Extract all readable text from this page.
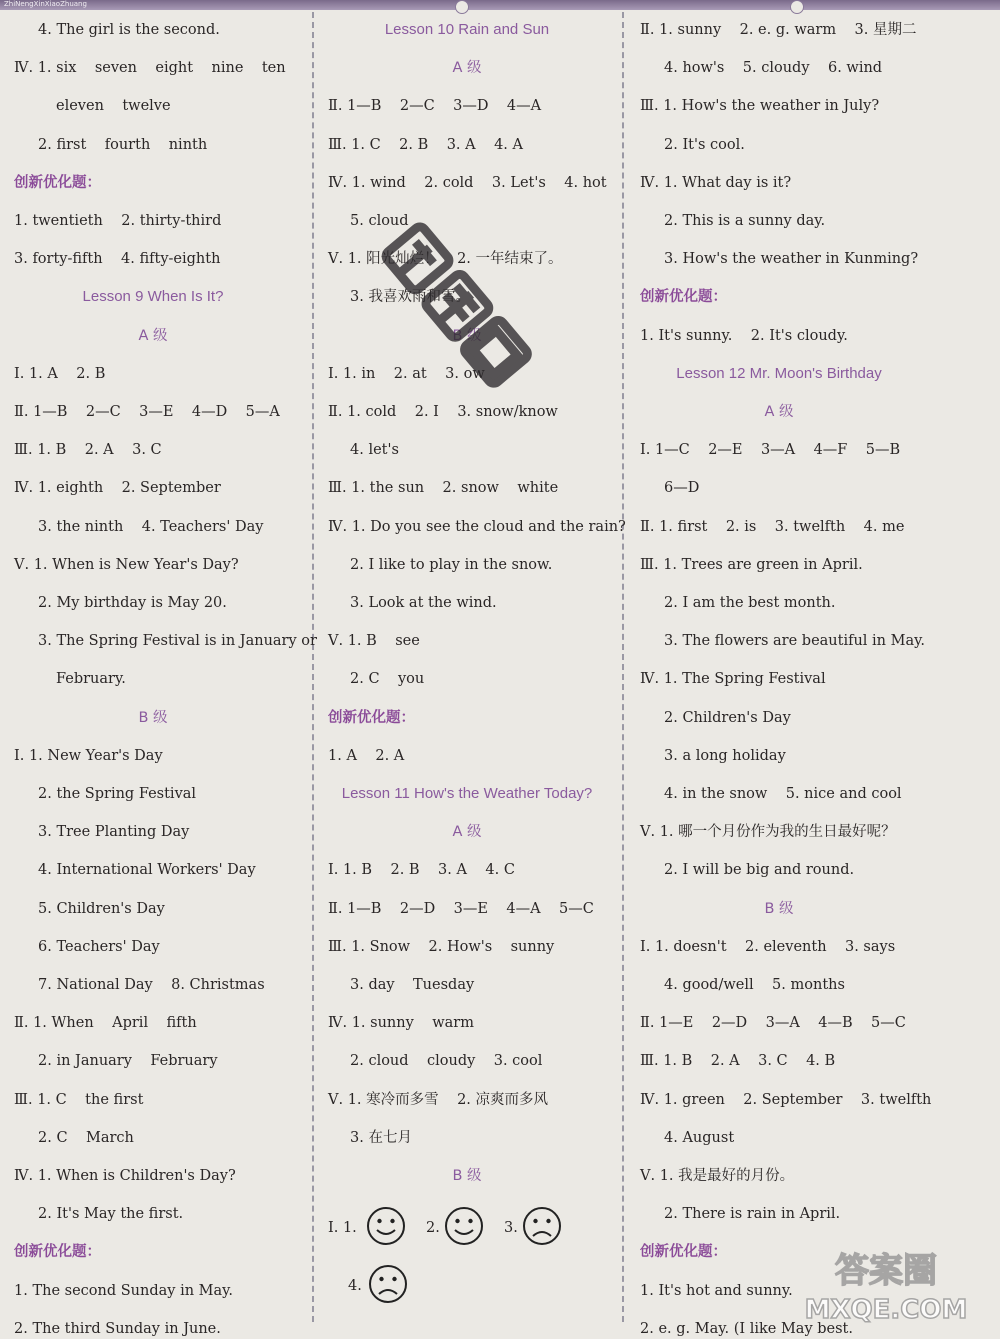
ZhiNengXinXiaoZhuang
4. The girl is the second.
Ⅳ. 1. six    seven    eight    nine    ten
eleven    twelve
2. first    fourth    ninth
创新优化题：
1. twentieth    2. thirty-third
3. forty-fifth    4. fifty-eighth
Lesson 9 When Is It?
A 级
Ⅰ. 1. A    2. B
Ⅱ. 1—B    2—C    3—E    4—D    5—A
Ⅲ. 1. B    2. A    3. C
Ⅳ. 1. eighth    2. September
3. the ninth    4. Teachers' Day
Ⅴ. 1. When is New Year's Day?
2. My birthday is May 20.
3. The Spring Festival is in January or
February.
B 级
Ⅰ. 1. New Year's Day
2. the Spring Festival
3. Tree Planting Day
4. International Workers' Day
5. Children's Day
6. Teachers' Day
7. National Day    8. Christmas
Ⅱ. 1. When    April    fifth
2. in January    February
Ⅲ. 1. C    the first
2. C    March
Ⅳ. 1. When is Children's Day?
2. It's May the first.
创新优化题：
1. The second Sunday in May.
2. The third Sunday in June.
Lesson 10 Rain and Sun
A 级
Ⅱ. 1—B    2—C    3—D    4—A
Ⅲ. 1. C    2. B    3. A    4. A
Ⅳ. 1. wind    2. cold    3. Let's    4. hot
5. cloud
Ⅴ. 1. 阳光灿烂！    2. 一年结束了。
3. 我喜欢雨和雪。
B 级
Ⅰ. 1. in    2. at    3. ow
Ⅱ. 1. cold    2. I    3. snow/know
4. let's
Ⅲ. 1. the sun    2. snow    white
Ⅳ. 1. Do you see the cloud and the rain?
2. I like to play in the snow.
3. Look at the wind.
Ⅴ. 1. B    see
2. C    you
创新优化题：
1. A    2. A
Lesson 11 How's the Weather Today?
A 级
Ⅰ. 1. B    2. B    3. A    4. C
Ⅱ. 1—B    2—D    3—E    4—A    5—C
Ⅲ. 1. Snow    2. How's    sunny
3. day    Tuesday
Ⅳ. 1. sunny    warm
2. cloud    cloudy    3. cool
Ⅴ. 1. 寒冷而多雪    2. 凉爽而多风
3. 在七月
B 级
Ⅰ. 1.	2.	3.
4.
Ⅱ. 1. sunny    2. e. g. warm    3. 星期二
4. how's    5. cloudy    6. wind
Ⅲ. 1. How's the weather in July?
2. It's cool.
Ⅳ. 1. What day is it?
2. This is a sunny day.
3. How's the weather in Kunming?
创新优化题：
1. It's sunny.    2. It's cloudy.
Lesson 12 Mr. Moon's Birthday
A 级
Ⅰ. 1—C    2—E    3—A    4—F    5—B
6—D
Ⅱ. 1. first    2. is    3. twelfth    4. me
Ⅲ. 1. Trees are green in April.
2. I am the best month.
3. The flowers are beautiful in May.
Ⅳ. 1. The Spring Festival
2. Children's Day
3. a long holiday
4. in the snow    5. nice and cool
Ⅴ. 1. 哪一个月份作为我的生日最好呢？
2. I will be big and round.
B 级
Ⅰ. 1. doesn't    2. eleventh    3. says
4. good/well    5. months
Ⅱ. 1—E    2—D    3—A    4—B    5—C
Ⅲ. 1. B    2. A    3. C    4. B
Ⅳ. 1. green    2. September    3. twelfth
4. August
Ⅴ. 1. 我是最好的月份。
2. There is rain in April.
创新优化题：
1. It's hot and sunny.
2. e. g. May. (I like May best.
答案圈
MXQE.COM
